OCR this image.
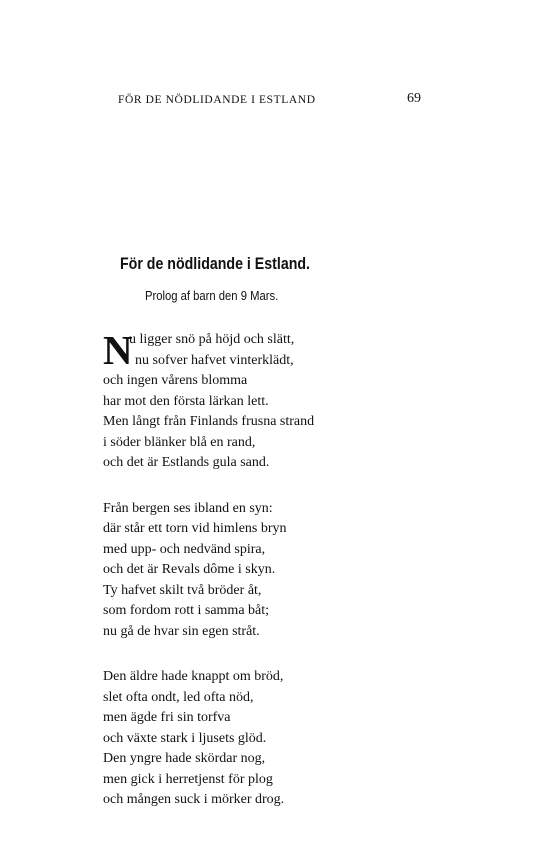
FÖR DE NÖDLIDANDE I ESTLAND	69
För de nödlidande i Estland.
Prolog af barn den 9 Mars.
N
u ligger snö på höjd och slätt,
nu sofver hafvet vinterklädt,
och ingen vårens blomma
har mot den första lärkan lett.
Men långt från Finlands frusna strand
i söder blänker blå en rand,
och det är Estlands gula sand.
Från bergen ses ibland en syn:
där står ett torn vid himlens bryn
med upp- och nedvänd spira,
och det är Revals dôme i skyn.
Ty hafvet skilt två bröder åt,
som fordom rott i samma båt;
nu gå de hvar sin egen stråt.
Den äldre hade knappt om bröd,
slet ofta ondt, led ofta nöd,
men ägde fri sin torfva
och växte stark i ljusets glöd.
Den yngre hade skördar nog,
men gick i herretjenst för plog
och mången suck i mörker drog.
